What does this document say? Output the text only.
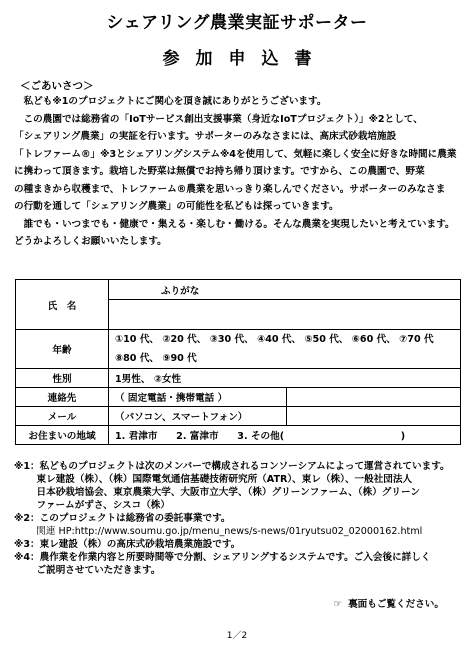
シェアリング農業実証サポーター
参加申込書
＜ごあいさつ＞
　私ども※1のプロジェクトにご関心を頂き誠にありがとうございます。
　この農園では総務省の「IoTサービス創出支援事業（身近なIoTプロジェクト）」※2として、
「シェアリング農業」の実証を行います。サポーターのみなさまには、高床式砂栽培施設
「トレファーム®」※3とシェアリングシステム※4を使用して、気軽に楽しく安全に好きな時間に農業
に携わって頂きます。栽培した野菜は無償でお持ち帰り頂けます。ですから、この農園で、野菜
の種まきから収穫まで、トレファーム®農業を思いっきり楽しんでください。サポーターのみなさま
の行動を通して「シェアリング農業」の可能性を私どもは探っていきます。
　誰でも・いつまでも・健康で・集える・楽しむ・働ける。そんな農業を実現したいと考えています。
どうかよろしくお願いいたします。
氏　名	ふりがな	

年齢	①10 代、 ②20 代、 ③30 代、 ④40 代、 ⑤50 代、 ⑥60 代、 ⑦70 代
⑧80 代、 ⑨90 代	

性別	1男性、 ②女性	
連絡先	（ 固定電話・携帯電話 ）	
メール	（パソコン、スマートフォン）	
お住まいの地域	1. 君津市 2. 富津市 3. その他( )	
※1：私どものプロジェクトは次のメンバーで構成されるコンソーシアムによって運営されています。
　　 東レ建設（株）、（株）国際電気通信基礎技術研究所（ATR）、東レ（株）、一般社団法人
　　 日本砂栽培協会、東京農業大学、大阪市立大学、（株）グリーンファーム、（株）グリーン
　　 ファームがずさ、シスコ（株）
※2：このプロジェクトは総務省の委託事業です。
　　 関連 HP:http://www.soumu.go.jp/menu_news/s-news/01ryutsu02_02000162.html
※3：東レ建設（株）の高床式砂栽培農業施設です。
※4：農作業を作業内容と所要時間等で分割、シェアリングするシステムです。ご入会後に詳しく
　　 ご説明させていただきます。
☞ 裏面もご覧ください。
1／2
